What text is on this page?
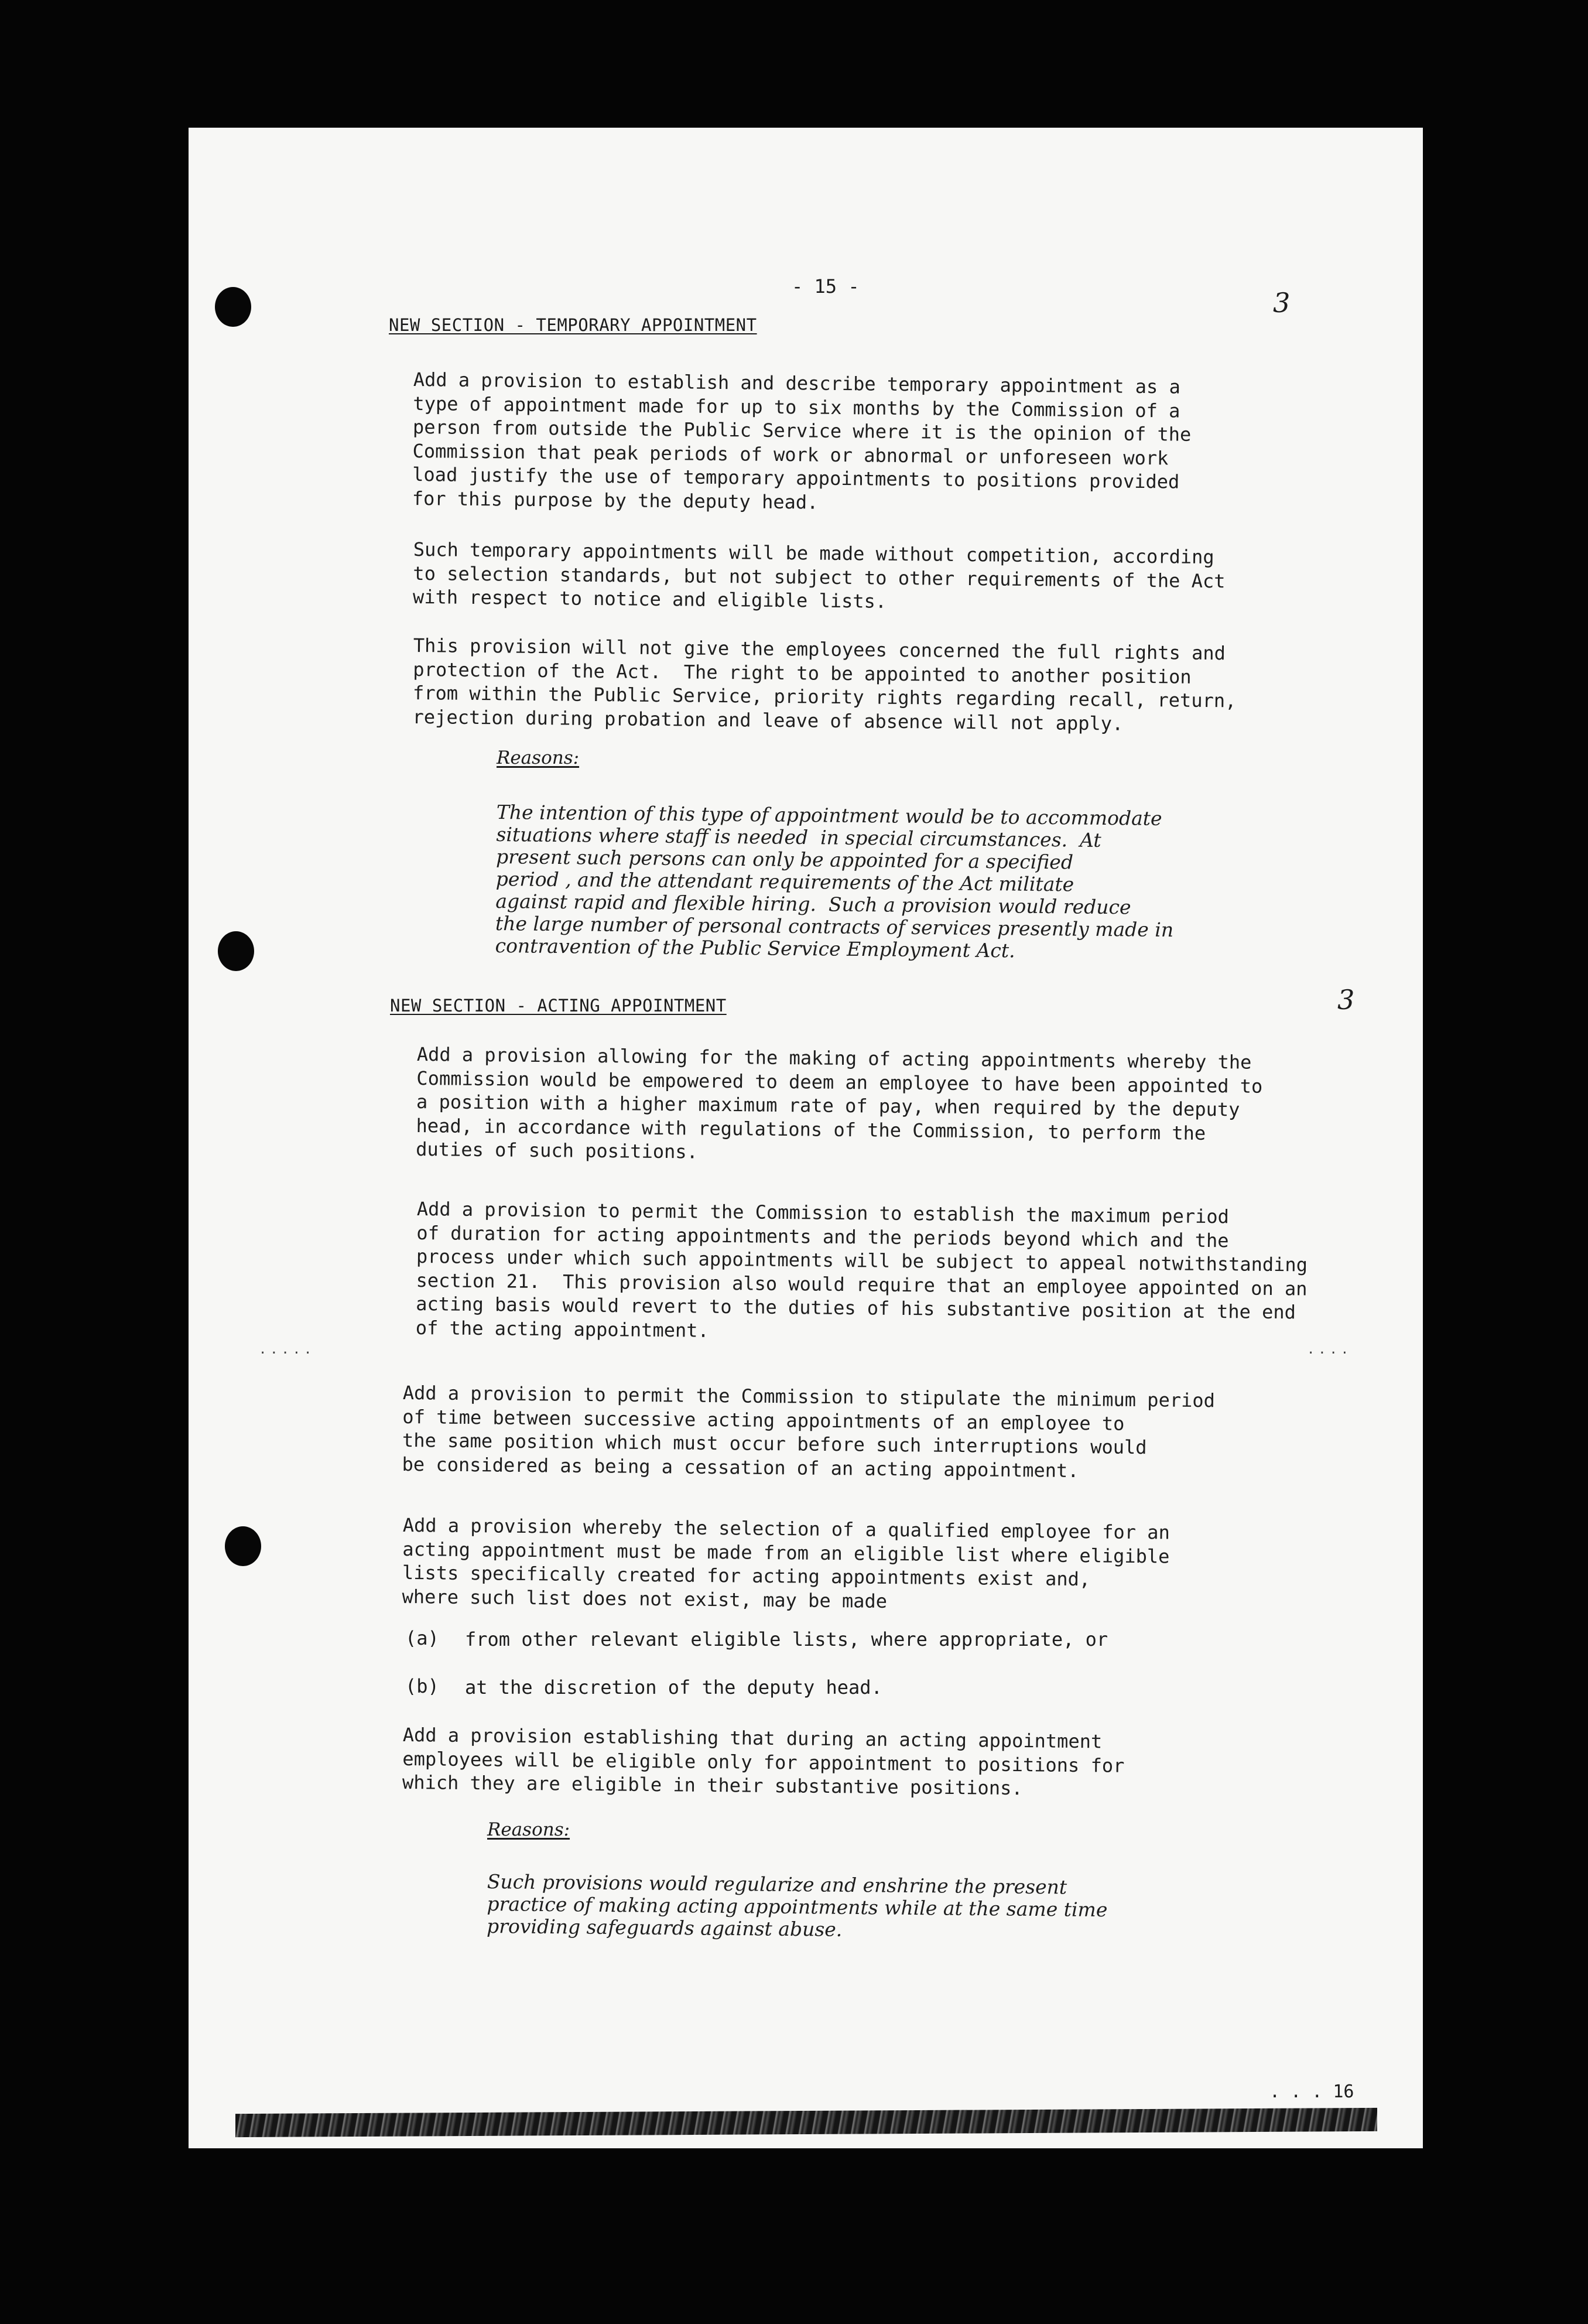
- 15 -
NEW SECTION - TEMPORARY APPOINTMENT
3
Add a provision to establish and describe temporary appointment as a
type of appointment made for up to six months by the Commission of a
person from outside the Public Service where it is the opinion of the
Commission that peak periods of work or abnormal or unforeseen work
load justify the use of temporary appointments to positions provided
for this purpose by the deputy head.
Such temporary appointments will be made without competition, according
to selection standards, but not subject to other requirements of the Act
with respect to notice and eligible lists.
This provision will not give the employees concerned the full rights and
protection of the Act.  The right to be appointed to another position
from within the Public Service, priority rights regarding recall, return,
rejection during probation and leave of absence will not apply.
Reasons:
The intention of this type of appointment would be to accommodate
situations where staff is needed  in special circumstances.  At
present such persons can only be appointed for a specified
period , and the attendant requirements of the Act militate
against rapid and flexible hiring.  Such a provision would reduce
the large number of personal contracts of services presently made in
contravention of the Public Service Employment Act.
NEW SECTION - ACTING APPOINTMENT	3
Add a provision allowing for the making of acting appointments whereby the
Commission would be empowered to deem an employee to have been appointed to
a position with a higher maximum rate of pay, when required by the deputy
head, in accordance with regulations of the Commission, to perform the
duties of such positions.
Add a provision to permit the Commission to establish the maximum period
of duration for acting appointments and the periods beyond which and the
process under which such appointments will be subject to appeal notwithstanding
section 21.  This provision also would require that an employee appointed on an
acting basis would revert to the duties of his substantive position at the end
of the acting appointment.
·····	····
Add a provision to permit the Commission to stipulate the minimum period
of time between successive acting appointments of an employee to
the same position which must occur before such interruptions would
be considered as being a cessation of an acting appointment.
Add a provision whereby the selection of a qualified employee for an
acting appointment must be made from an eligible list where eligible
lists specifically created for acting appointments exist and,
where such list does not exist, may be made
(a) from other relevant eligible lists, where appropriate, or
(b) at the discretion of the deputy head.
Add a provision establishing that during an acting appointment
employees will be eligible only for appointment to positions for
which they are eligible in their substantive positions.
Reasons:
Such provisions would regularize and enshrine the present
practice of making acting appointments while at the same time
providing safeguards against abuse.
. . . 16
